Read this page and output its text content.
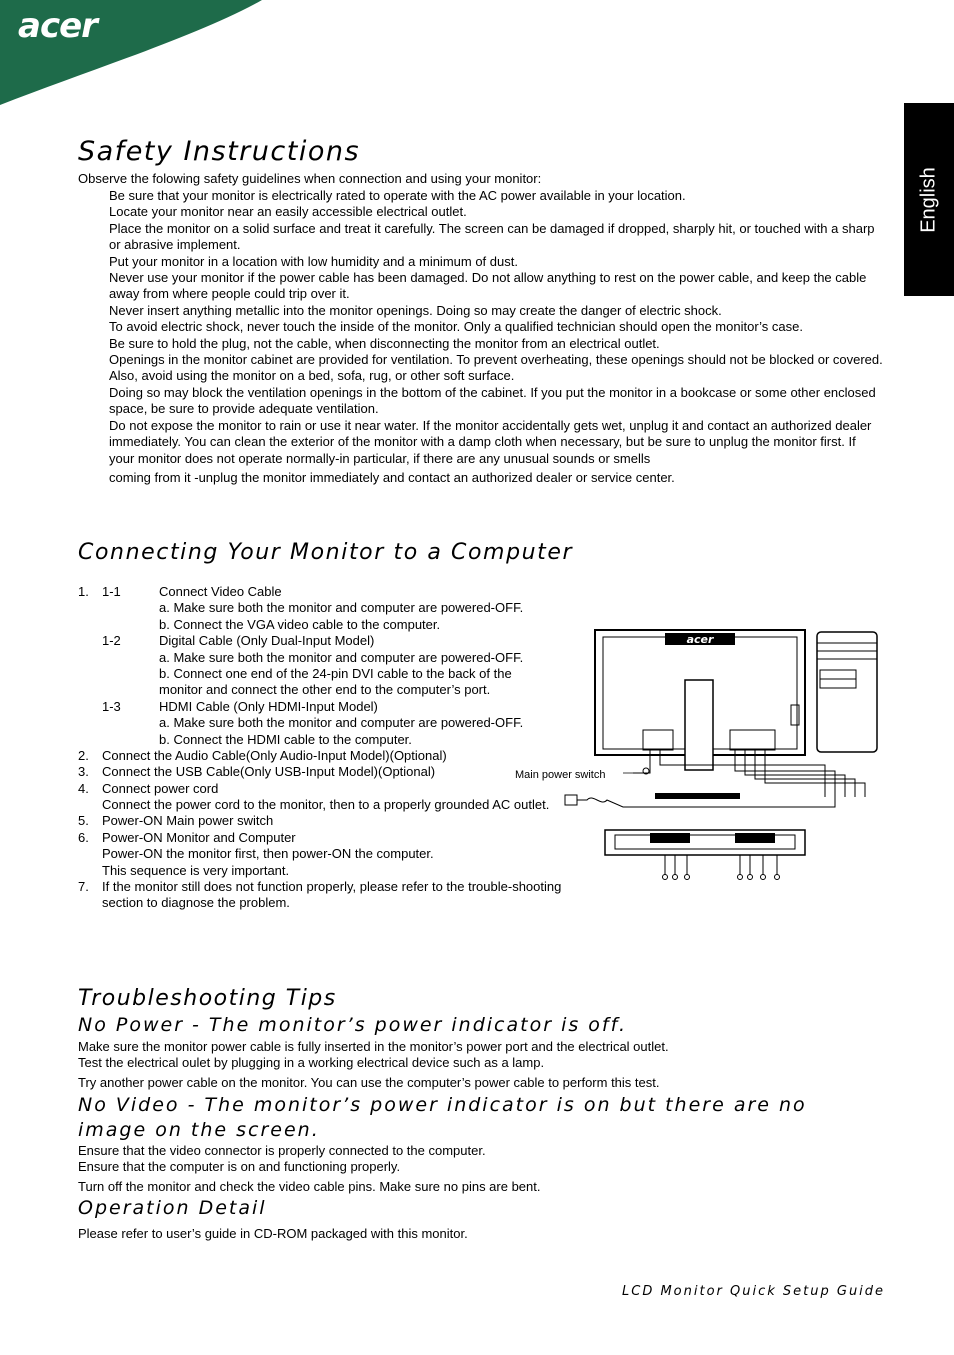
acer
English
Safety Instructions
Observe the folowing safety guidelines when connection and using your monitor:
Be sure that your monitor is electrically rated to operate with the AC power available in your location.
Locate your monitor near an easily accessible electrical outlet.
Place the monitor on a solid surface and treat it carefully. The screen can be damaged if dropped, sharply hit, or touched with a sharp or abrasive implement.
Put your monitor in a location with low humidity and a minimum of dust.
Never use your monitor if the power cable has been damaged. Do not allow anything to rest on the power cable, and keep the cable away from where people could trip over it.
Never insert anything metallic into the monitor openings. Doing so may create the danger of electric shock.
To avoid electric shock, never touch the inside of the monitor. Only a qualified technician should open the monitor’s case.
Be sure to hold the plug, not the cable, when disconnecting the monitor from an electrical outlet.
Openings in the monitor cabinet are provided for ventilation. To prevent overheating, these openings should not be blocked or covered. Also, avoid using the monitor on a bed, sofa, rug, or other soft surface.
Doing so may block the ventilation openings in the bottom of the cabinet. If you put the monitor in a bookcase or some other enclosed space, be sure to provide adequate ventilation.
Do not expose the monitor to rain or use it near water. If the monitor accidentally gets wet, unplug it and contact an authorized dealer immediately. You can clean the exterior of the monitor with a damp cloth when necessary, but be sure to unplug the monitor first. If your monitor does not operate normally-in particular, if there are any unusual sounds or smells
coming from it -unplug the monitor immediately and contact an authorized dealer or service center.
Connecting Your Monitor to a Computer
1. 1-1	Connect Video Cable
a. Make sure both the monitor and computer are powered-OFF.
b. Connect the VGA video cable to the computer.
1-2	Digital Cable (Only Dual-Input Model)
a. Make sure both the monitor and computer are powered-OFF.
b. Connect one end of the 24-pin DVI cable to the back of the
monitor and connect the other end to the computer’s port.
1-3	HDMI Cable (Only HDMI-Input Model)
a. Make sure both the monitor and computer are powered-OFF.
b. Connect the HDMI cable to the computer.
2. Connect the Audio Cable(Only Audio-Input Model)(Optional)
3. Connect the USB Cable(Only USB-Input Model)(Optional)
4. Connect power cord
Connect the power cord to the monitor, then to a properly grounded AC outlet.
5. Power-ON Main power switch
6. Power-ON Monitor and Computer
Power-ON the monitor first, then power-ON the computer.
This sequence is very important.
7. If the monitor still does not function properly, please refer to the trouble-shooting section to diagnose the problem.
acer
Main power switch
Troubleshooting Tips
No Power - The monitor’s power indicator is off.
Make sure the monitor power cable is fully inserted in the monitor’s power port and the electrical outlet.
Test the electrical oulet by plugging in a working electrical device such as a lamp.
Try another power cable on the monitor. You can use the computer’s power cable to perform this test.
No Video - The monitor’s power indicator is on but there are no image on the screen.
Ensure that the video connector is properly connected to the computer.
Ensure that the computer is on and functioning properly.
Turn off the monitor and check the video cable pins. Make sure no pins are bent.
Operation Detail
Please refer to user’s guide in CD-ROM packaged with this monitor.
LCD Monitor Quick Setup Guide
